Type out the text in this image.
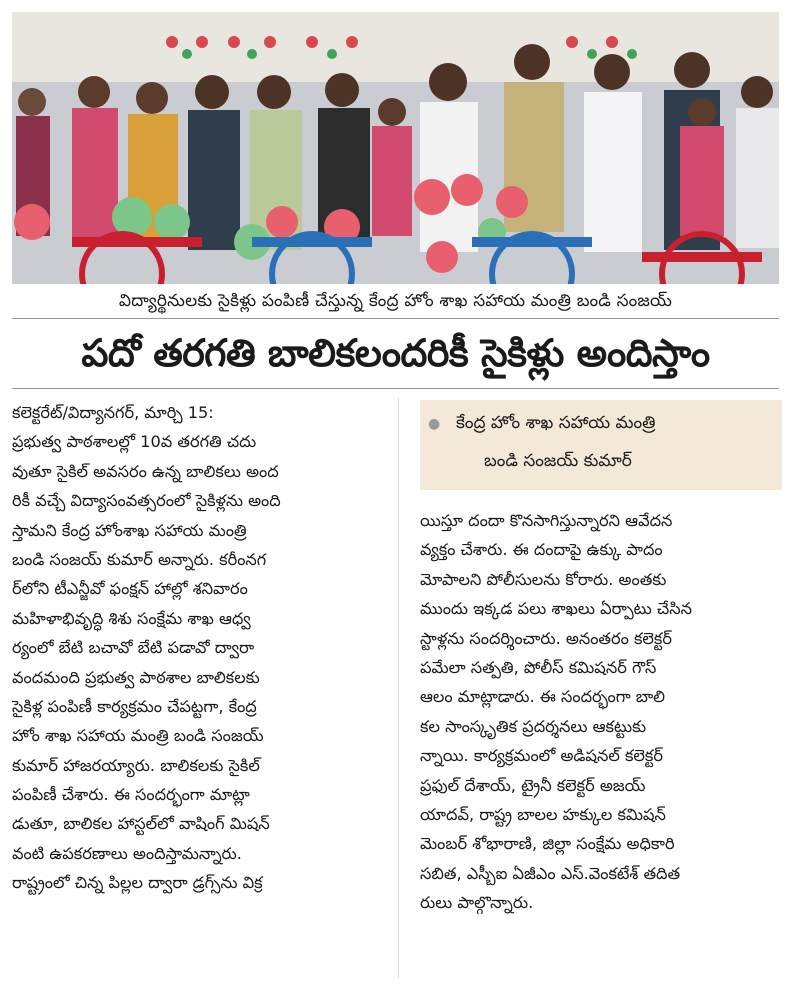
విద్యార్థినులకు సైకిళ్లు పంపిణీ చేస్తున్న కేంద్ర హోం శాఖ సహాయ మంత్రి బండి సంజయ్
పదో తరగతి బాలికలందరికీ సైకిళ్లు అందిస్తాం
కలెక్టరేట్/విద్యానగర్, మార్చి 15:
ప్రభుత్వ పాఠశాలల్లో 10వ తరగతి చదు
వుతూ సైకిల్ అవసరం ఉన్న బాలికలు అంద
రికీ వచ్చే విద్యాసంవత్సరంలో సైకిళ్లను అంది
స్తామని కేంద్ర హోంశాఖ సహాయ మంత్రి
బండి సంజయ్ కుమార్ అన్నారు. కరీంనగ
ర్‌లోని టీఎన్జీవో ఫంక్షన్ హాల్లో శనివారం
మహిళాభివృద్ధి శిశు సంక్షేమ శాఖ ఆధ్వ
ర్యంలో బేటి బచావో బేటి పడావో ద్వారా
వందమంది ప్రభుత్వ పాఠశాల బాలికలకు
సైకిళ్ల పంపిణీ కార్యక్రమం చేపట్టగా, కేంద్ర
హోం శాఖ సహాయ మంత్రి బండి సంజయ్
కుమార్ హాజరయ్యారు. బాలికలకు సైకిల్
పంపిణీ చేశారు. ఈ సందర్భంగా మాట్లా
డుతూ, బాలికల హాస్టల్‌లో వాషింగ్ మిషన్
వంటి ఉపకరణాలు అందిస్తామన్నారు.
రాష్ట్రంలో చిన్న పిల్లల ద్వారా డ్రగ్స్‌ను విక్ర
● కేంద్ర హోం శాఖ సహాయ మంత్రి
బండి సంజయ్ కుమార్
యిస్తూ దందా కొనసాగిస్తున్నారని ఆవేదన
వ్యక్తం చేశారు. ఈ దందాపై ఉక్కు పాదం
మోపాలని పోలీసులను కోరారు. అంతకు
ముందు ఇక్కడ పలు శాఖలు ఏర్పాటు చేసిన
స్టాళ్లను సందర్శించారు. అనంతరం కలెక్టర్
పమేలా సత్పతి, పోలీస్ కమిషనర్ గౌస్
ఆలం మాట్లాడారు. ఈ సందర్భంగా బాలి
కల సాంస్కృతిక ప్రదర్శనలు ఆకట్టుకు
న్నాయి. కార్యక్రమంలో అడిషనల్ కలెక్టర్
ప్రఫుల్ దేశాయ్, ట్రైనీ కలెక్టర్ అజయ్
యాదవ్, రాష్ట్ర బాలల హక్కుల కమిషన్
మెంబర్ శోభారాణి, జిల్లా సంక్షేమ అధికారి
సబిత, ఎస్బీఐ ఏజీఎం ఎస్.వెంకటేశ్ తదిత
రులు పాల్గొన్నారు.
